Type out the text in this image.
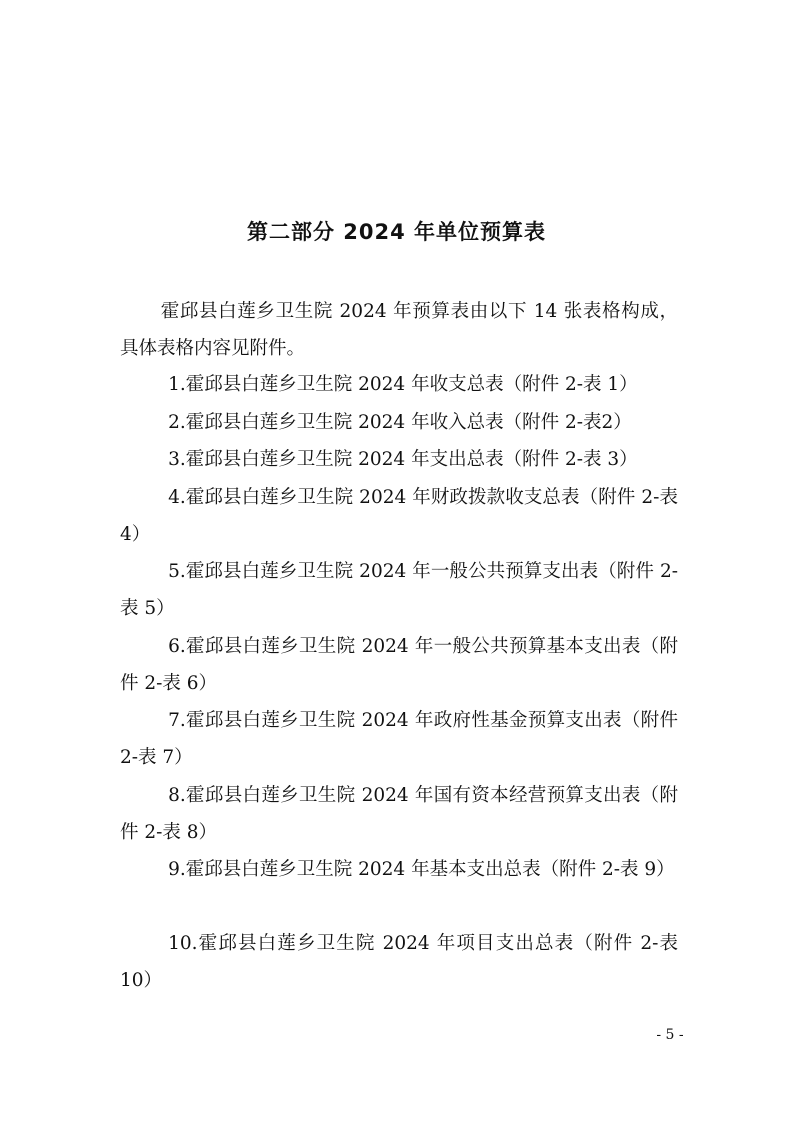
第二部分 2024 年单位预算表

霍邱县白莲乡卫生院 2024 年预算表由以下 14 张表格构成，具体表格内容见附件。

1.霍邱县白莲乡卫生院 2024 年收支总表（附件 2-表 1）

2.霍邱县白莲乡卫生院 2024 年收入总表（附件 2-表2）

3.霍邱县白莲乡卫生院 2024 年支出总表（附件 2-表 3）

4.霍邱县白莲乡卫生院 2024 年财政拨款收支总表（附件 2-表 4）

5.霍邱县白莲乡卫生院 2024 年一般公共预算支出表（附件 2-表 5）

6.霍邱县白莲乡卫生院 2024 年一般公共预算基本支出表（附件 2-表 6）

7.霍邱县白莲乡卫生院 2024 年政府性基金预算支出表（附件 2-表 7）

8.霍邱县白莲乡卫生院 2024 年国有资本经营预算支出表（附件 2-表 8）

9.霍邱县白莲乡卫生院 2024 年基本支出总表（附件 2-表 9）

10.霍邱县白莲乡卫生院 2024 年项目支出总表（附件 2-表 10）

- 5 -
